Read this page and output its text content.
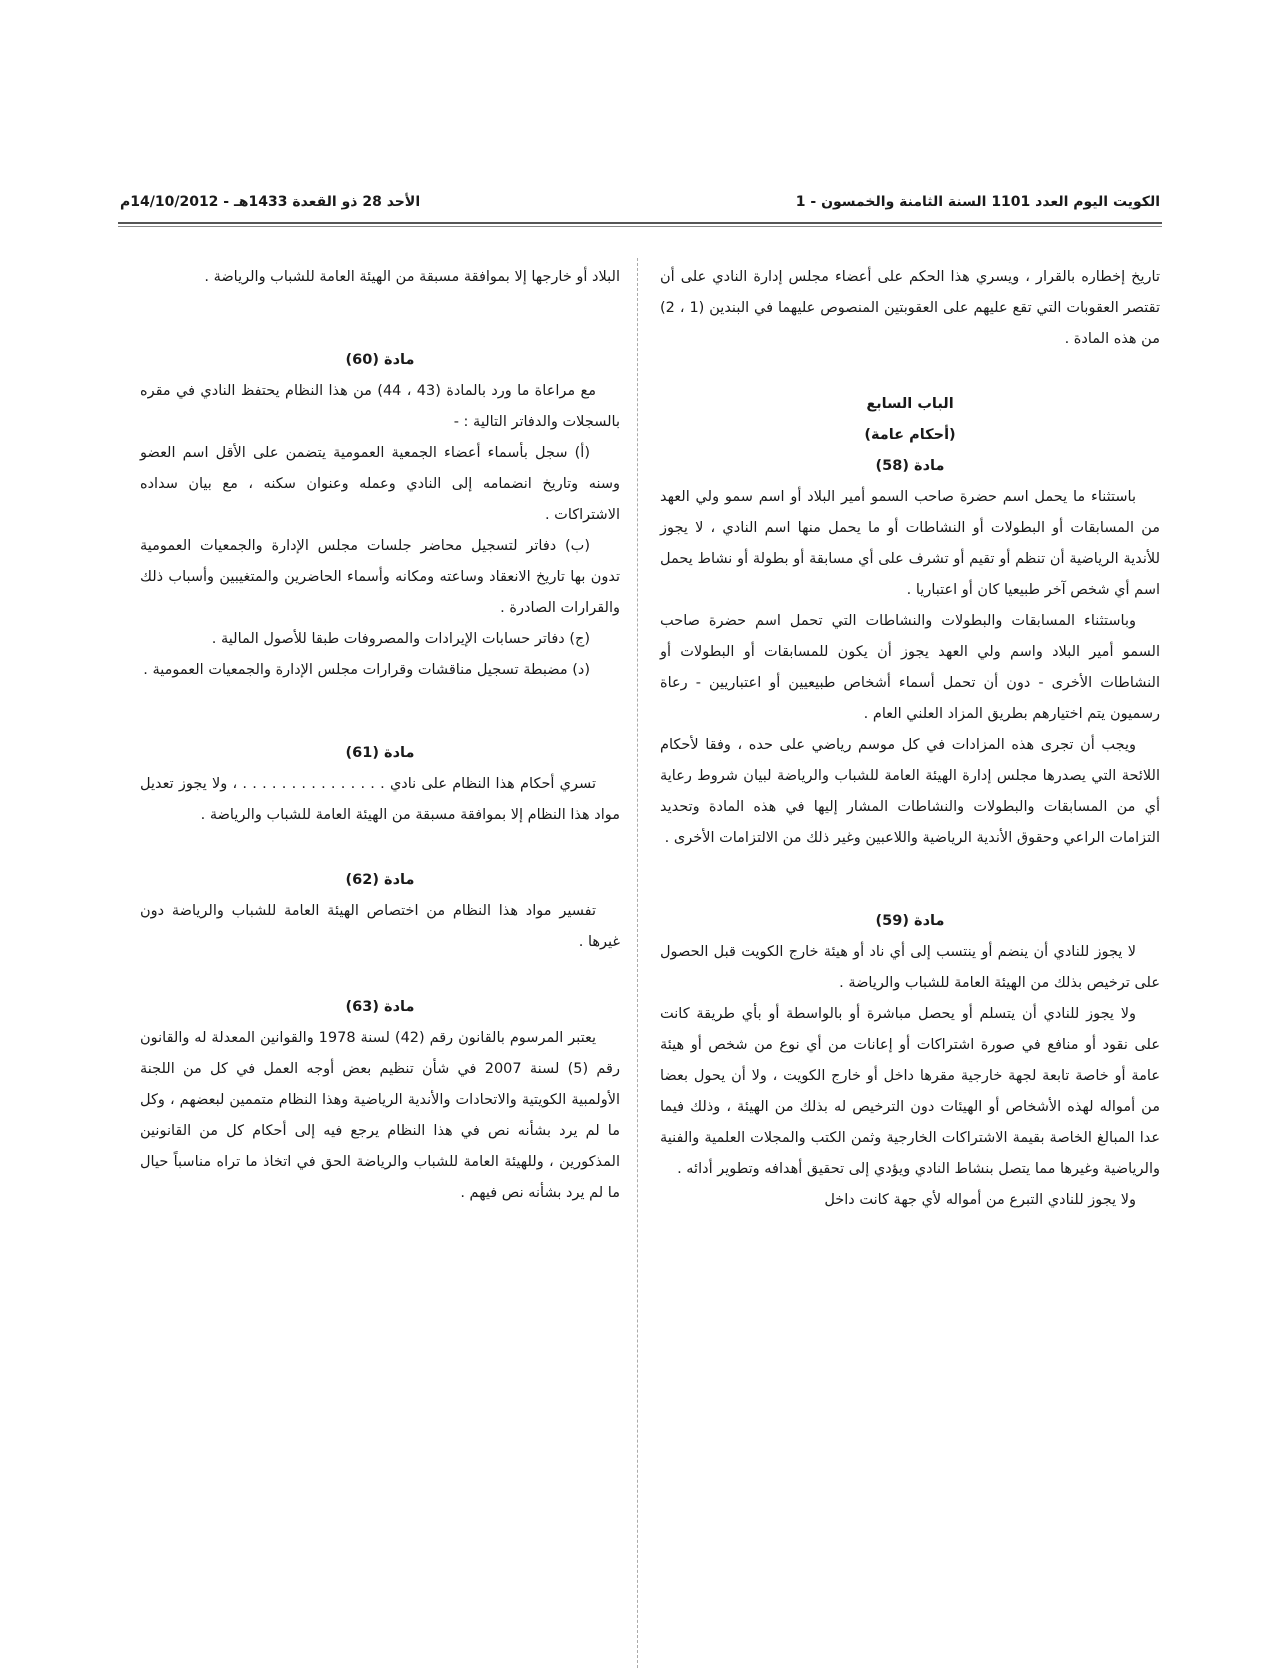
الكويت اليوم العدد 1101 السنة الثامنة والخمسون - 1
الأحد 28 ذو القعدة 1433هـ - 14/10/2012م

تاريخ إخطاره بالقرار ، ويسري هذا الحكم على أعضاء مجلس إدارة النادي على أن تقتصر العقوبات التي تقع عليهم على العقوبتين المنصوص عليهما في البندين (1 ، 2) من هذه المادة .

الباب السابع

(أحكام عامة)

مادة (58)

باستثناء ما يحمل اسم حضرة صاحب السمو أمير البلاد أو اسم سمو ولي العهد من المسابقات أو البطولات أو النشاطات أو ما يحمل منها اسم النادي ، لا يجوز للأندية الرياضية أن تنظم أو تقيم أو تشرف على أي مسابقة أو بطولة أو نشاط يحمل اسم أي شخص آخر طبيعيا كان أو اعتباريا .

وباستثناء المسابقات والبطولات والنشاطات التي تحمل اسم حضرة صاحب السمو أمير البلاد واسم ولي العهد يجوز أن يكون للمسابقات أو البطولات أو النشاطات الأخرى - دون أن تحمل أسماء أشخاص طبيعيين أو اعتباريين - رعاة رسميون يتم اختيارهم بطريق المزاد العلني العام .

ويجب أن تجرى هذه المزادات في كل موسم رياضي على حده ، وفقا لأحكام اللائحة التي يصدرها مجلس إدارة الهيئة العامة للشباب والرياضة لبيان شروط رعاية أي من المسابقات والبطولات والنشاطات المشار إليها في هذه المادة وتحديد التزامات الراعي وحقوق الأندية الرياضية واللاعبين وغير ذلك من الالتزامات الأخرى .

مادة (59)

لا يجوز للنادي أن ينضم أو ينتسب إلى أي ناد أو هيئة خارج الكويت قبل الحصول على ترخيص بذلك من الهيئة العامة للشباب والرياضة .

ولا يجوز للنادي أن يتسلم أو يحصل مباشرة أو بالواسطة أو بأي طريقة كانت على نقود أو منافع في صورة اشتراكات أو إعانات من أي نوع من شخص أو هيئة عامة أو خاصة تابعة لجهة خارجية مقرها داخل أو خارج الكويت ، ولا أن يحول بعضا من أمواله لهذه الأشخاص أو الهيئات دون الترخيص له بذلك من الهيئة ، وذلك فيما عدا المبالغ الخاصة بقيمة الاشتراكات الخارجية وثمن الكتب والمجلات العلمية والفنية والرياضية وغيرها مما يتصل بنشاط النادي ويؤدي إلى تحقيق أهدافه وتطوير أدائه .

ولا يجوز للنادي التبرع من أمواله لأي جهة كانت داخل

البلاد أو خارجها إلا بموافقة مسبقة من الهيئة العامة للشباب والرياضة .

مادة (60)

مع مراعاة ما ورد بالمادة (43 ، 44) من هذا النظام يحتفظ النادي في مقره بالسجلات والدفاتر التالية : -

(أ) سجل بأسماء أعضاء الجمعية العمومية يتضمن على الأقل اسم العضو وسنه وتاريخ انضمامه إلى النادي وعمله وعنوان سكنه ، مع بيان سداده الاشتراكات .

(ب) دفاتر لتسجيل محاضر جلسات مجلس الإدارة والجمعيات العمومية تدون بها تاريخ الانعقاد وساعته ومكانه وأسماء الحاضرين والمتغيبين وأسباب ذلك والقرارات الصادرة .

(ج) دفاتر حسابات الإيرادات والمصروفات طبقا للأصول المالية .

(د) مضبطة تسجيل مناقشات وقرارات مجلس الإدارة والجمعيات العمومية .

مادة (61)

تسري أحكام هذا النظام على نادي . . . . . . . . . . . . . . . ، ولا يجوز تعديل مواد هذا النظام إلا بموافقة مسبقة من الهيئة العامة للشباب والرياضة .

مادة (62)

تفسير مواد هذا النظام من اختصاص الهيئة العامة للشباب والرياضة دون غيرها .

مادة (63)

يعتبر المرسوم بالقانون رقم (42) لسنة 1978 والقوانين المعدلة له والقانون رقم (5) لسنة 2007 في شأن تنظيم بعض أوجه العمل في كل من اللجنة الأولمبية الكويتية والاتحادات والأندية الرياضية وهذا النظام متممين لبعضهم ، وكل ما لم يرد بشأنه نص في هذا النظام يرجع فيه إلى أحكام كل من القانونين المذكورين ، وللهيئة العامة للشباب والرياضة الحق في اتخاذ ما تراه مناسباً حيال ما لم يرد بشأنه نص فيهم .
